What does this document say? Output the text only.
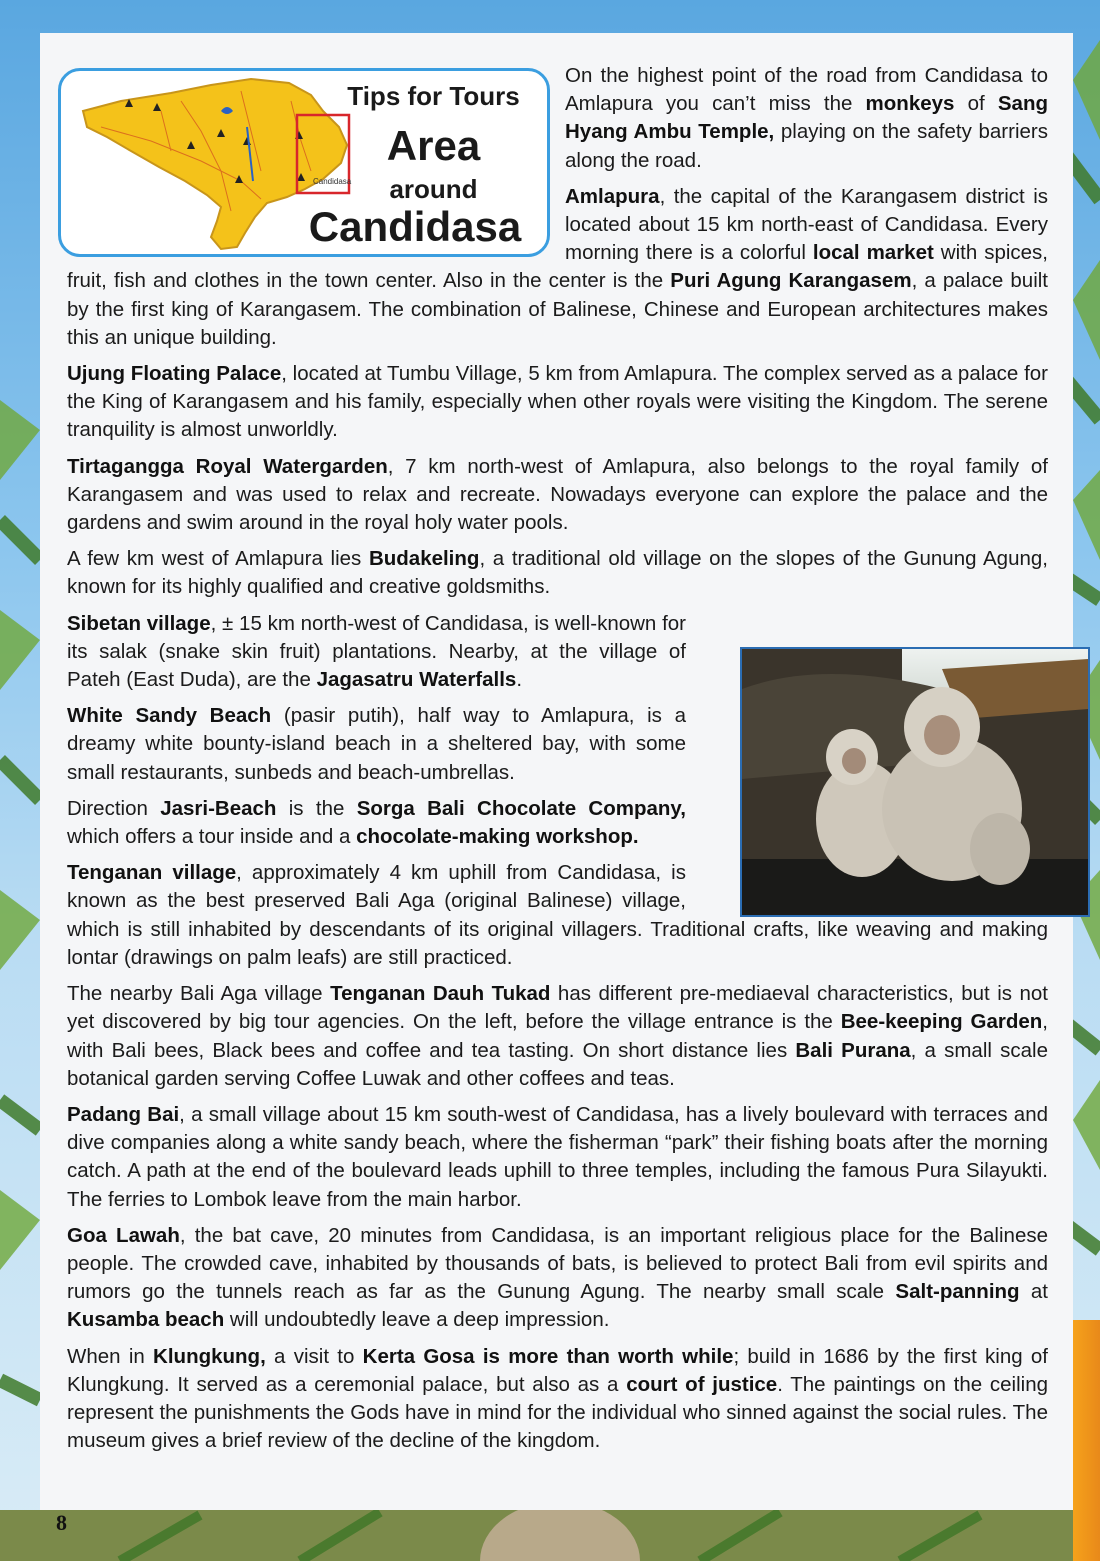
Candidasa
Tips for Tours
Area
around
Candidasa

On the highest point of the road from Candidasa to Amlapura you can’t miss the monkeys of Sang Hyang Ambu Temple, playing on the safety barriers along the road.

Amlapura, the capital of the Karangasem district is located about 15 km north-east of Candidasa. Every morning there is a colorful local market with spices, fruit, fish and clothes in the town center. Also in the center is the Puri Agung Karangasem, a palace built by the first king of Karangasem. The combination of Balinese, Chinese and European architectures makes this an unique building.

Ujung Floating Palace, located at Tumbu Village, 5 km from Amlapura. The complex served as a palace for the King of Karangasem and his family, especially when other royals were visiting the Kingdom. The serene tranquility is almost unworldly.

Tirtagangga Royal Watergarden, 7 km north-west of Amlapura, also belongs to the royal family of Karangasem and was used to relax and recreate. Nowadays everyone can explore the palace and the gardens and swim around in the royal holy water pools.

A few km west of Amlapura lies Budakeling, a traditional old village on the slopes of the Gunung Agung, known for its highly qualified and creative goldsmiths.

Sibetan village, ± 15 km north-west of Candidasa, is well-known for its salak (snake skin fruit) plantations. Nearby, at the village of Pateh (East Duda), are the Jagasatru Waterfalls.

White Sandy Beach (pasir putih), half way to Amlapura, is a dreamy white bounty-island beach in a sheltered bay, with some small restaurants, sunbeds and beach-umbrellas.

Direction Jasri-Beach is the Sorga Bali Chocolate Company, which offers a tour inside and a chocolate-making workshop.

Tenganan village, approximately 4 km uphill from Candidasa, is known as the best preserved Bali Aga (original Balinese) village, which is still inhabited by descendants of its original villagers. Traditional crafts, like weaving and making lontar (drawings on palm leafs) are still practiced.

The nearby Bali Aga village Tenganan Dauh Tukad has different pre-mediaeval characteristics, but is not yet discovered by big tour agencies. On the left, before the village entrance is the Bee-keeping Garden, with Bali bees, Black bees and coffee and tea tasting. On short distance lies Bali Purana, a small scale botanical garden serving Coffee Luwak and other coffees and teas.

Padang Bai, a small village about 15 km south-west of Candidasa, has a lively boulevard with terraces and dive companies along a white sandy beach, where the fisherman “park” their fishing boats after the morning catch. A path at the end of the boulevard leads uphill to three temples, including the famous Pura Silayukti. The ferries to Lombok leave from the main harbor.

Goa Lawah, the bat cave, 20 minutes from Candidasa, is an important religious place for the Balinese people. The crowded cave, inhabited by thousands of bats, is believed to protect Bali from evil spirits and rumors go the tunnels reach as far as the Gunung Agung. The nearby small scale Salt-panning at Kusamba beach will undoubtedly leave a deep impression.

When in Klungkung, a visit to Kerta Gosa is more than worth while; build in 1686 by the first king of Klungkung. It served as a ceremonial palace, but also as a court of justice. The paintings on the ceiling represent the punishments the Gods have in mind for the individual who sinned against the social rules. The museum gives a brief review of the decline of the kingdom.

8
